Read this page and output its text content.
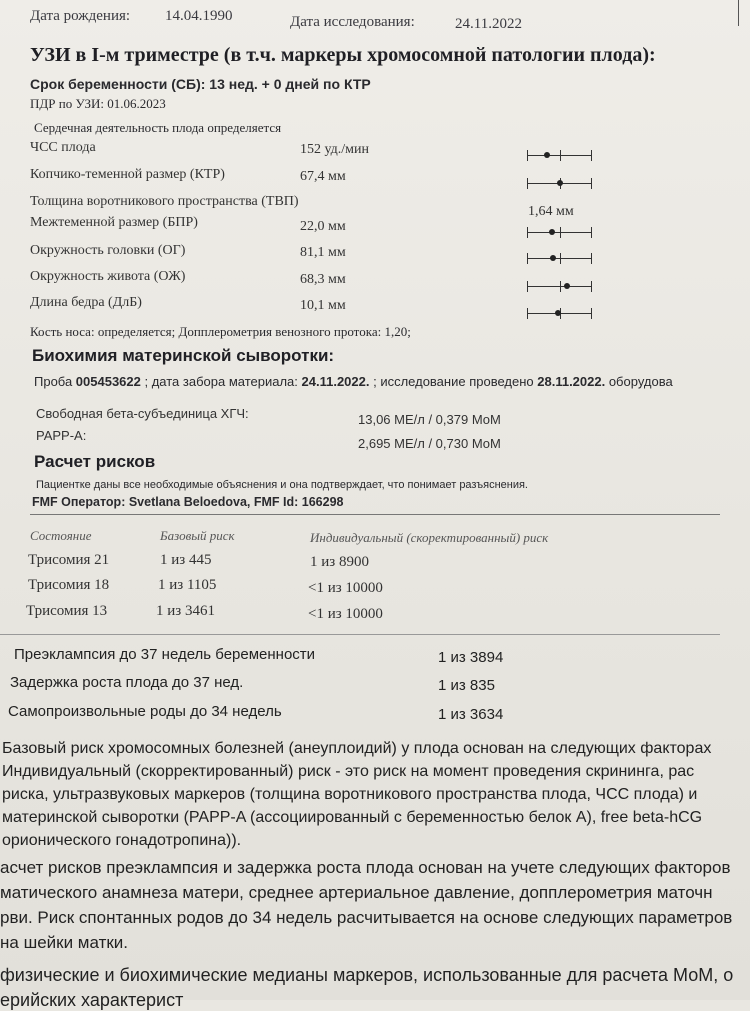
Дата рождения: 14.04.1990	Дата исследования:	24.11.2022
УЗИ в I-м триместре (в т.ч. маркеры хромосомной патологии плода):
Срок беременности (СБ): 13 нед. + 0 дней по КТР
ПДР по УЗИ: 01.06.2023
Сердечная деятельность плода определяется
ЧСС плода	152 уд./мин
Копчико-теменной размер (КТР)	67,4 мм
Толщина воротникового пространства (ТВП)
1,64 мм
Межтеменной размер (БПР)	22,0 мм
Окружность головки (ОГ)	81,1 мм
Окружность живота (ОЖ)	68,3 мм
Длина бедра (ДлБ)	10,1 мм
Кость носа: определяется; Допплерометрия венозного протока: 1,20;
Биохимия материнской сыворотки:
Проба 005453622 ; дата забора материала: 24.11.2022. ; исследование проведено 28.11.2022. оборудова
Свободная бета-субъединица ХГЧ:	13,06 МЕ/л / 0,379 МоМ
PAPP-A:
2,695 МЕ/л / 0,730 МоМ
Расчет рисков
Пациентке даны все необходимые объяснения и она подтверждает, что понимает разъяснения.
FMF Оператор: Svetlana Beloedova, FMF Id: 166298
Состояние	Базовый риск	Индивидуальный (скоректированный) риск
Трисомия 21	1 из 445	1 из 8900
Трисомия 18	1 из 1105	<1 из 10000
Трисомия 13	1 из 3461	<1 из 10000
Преэклампсия до 37 недель беременности	1 из 3894
Задержка роста плода до 37 нед.	1 из 835
Самопроизвольные роды до 34 недель	1 из 3634
Базовый риск хромосомных болезней (анеуплоидий) у плода основан на следующих факторах
Индивидуальный (скорректированный) риск - это риск на момент проведения скрининга, рас
риска, ультразвуковых маркеров (толщина воротникового пространства плода, ЧСС плода) и
материнской сыворотки (PAPP-A (ассоциированный с беременностью белок А), free beta-hCG
орионического гонадотропина)).
асчет рисков преэклампсия и задержка роста плода основан на учете следующих факторов
матического анамнеза матери, среднее артериальное давление, допплерометрия маточн
рви. Риск спонтанных родов до 34 недель расчитывается на основе следующих параметров
на шейки матки.
физические и биохимические медианы маркеров, использованные для расчета МоМ, о
ерийских характерист
